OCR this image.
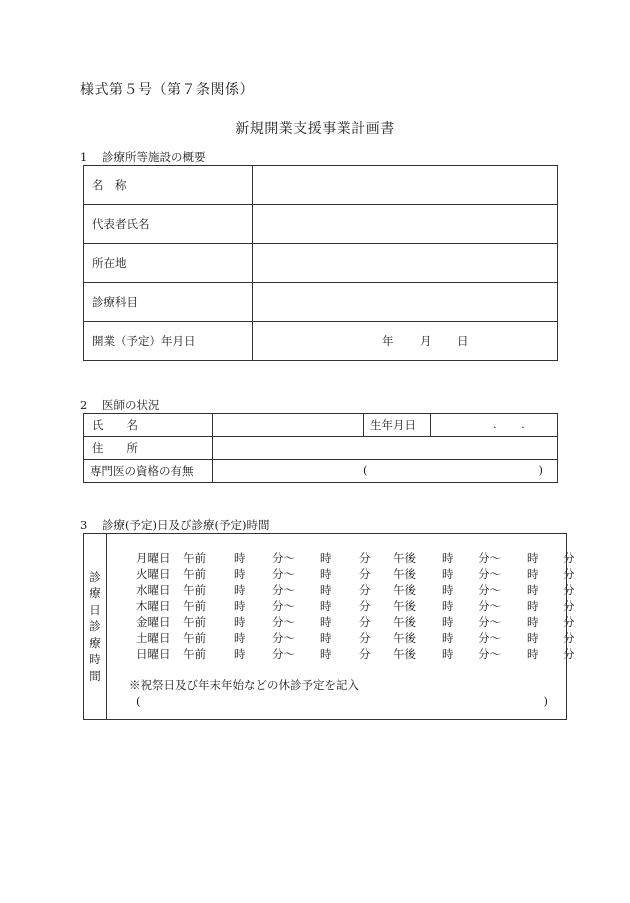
様式第５号（第７条関係）
新規開業支援事業計画書
1 診療所等施設の概要
名　称	
代表者氏名	
所在地	
診療科目	
開業（予定）年月日	年 月 日
2 医師の状況
氏　　名		生年月日	. .

住　　所			
専門医の資格の有無	( )		
3 診療(予定)日及び診療(予定)時間
診
療
日
診
療
時
間

月曜日 午前 時 分～ 時 分 午後 時 分～ 時 分
火曜日 午前 時 分～ 時 分 午後 時 分～ 時 分
水曜日 午前 時 分～ 時 分 午後 時 分～ 時 分
木曜日 午前 時 分～ 時 分 午後 時 分～ 時 分
金曜日 午前 時 分～ 時 分 午後 時 分～ 時 分
土曜日 午前 時 分～ 時 分 午後 時 分～ 時 分
日曜日 午前 時 分～ 時 分 午後 時 分～ 時 分
※祝祭日及び年末年始などの休診予定を記入
(	)
